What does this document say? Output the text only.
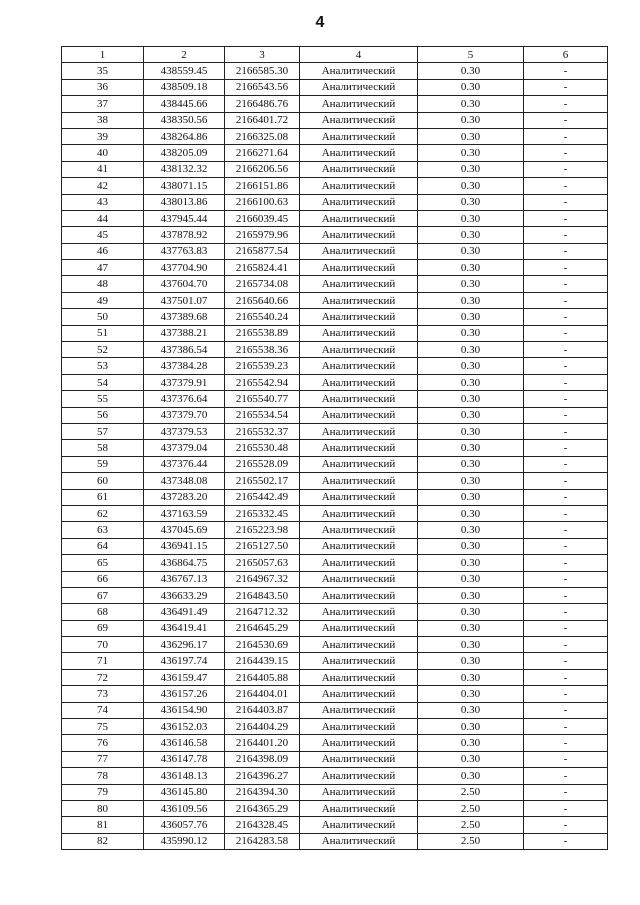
4
1	2	3	4	5	6
35	438559.45	2166585.30	Аналитический	0.30	-
36	438509.18	2166543.56	Аналитический	0.30	-
37	438445.66	2166486.76	Аналитический	0.30	-
38	438350.56	2166401.72	Аналитический	0.30	-
39	438264.86	2166325.08	Аналитический	0.30	-
40	438205.09	2166271.64	Аналитический	0.30	-
41	438132.32	2166206.56	Аналитический	0.30	-
42	438071.15	2166151.86	Аналитический	0.30	-
43	438013.86	2166100.63	Аналитический	0.30	-
44	437945.44	2166039.45	Аналитический	0.30	-
45	437878.92	2165979.96	Аналитический	0.30	-
46	437763.83	2165877.54	Аналитический	0.30	-
47	437704.90	2165824.41	Аналитический	0.30	-
48	437604.70	2165734.08	Аналитический	0.30	-
49	437501.07	2165640.66	Аналитический	0.30	-
50	437389.68	2165540.24	Аналитический	0.30	-
51	437388.21	2165538.89	Аналитический	0.30	-
52	437386.54	2165538.36	Аналитический	0.30	-
53	437384.28	2165539.23	Аналитический	0.30	-
54	437379.91	2165542.94	Аналитический	0.30	-
55	437376.64	2165540.77	Аналитический	0.30	-
56	437379.70	2165534.54	Аналитический	0.30	-
57	437379.53	2165532.37	Аналитический	0.30	-
58	437379.04	2165530.48	Аналитический	0.30	-
59	437376.44	2165528.09	Аналитический	0.30	-
60	437348.08	2165502.17	Аналитический	0.30	-
61	437283.20	2165442.49	Аналитический	0.30	-
62	437163.59	2165332.45	Аналитический	0.30	-
63	437045.69	2165223.98	Аналитический	0.30	-
64	436941.15	2165127.50	Аналитический	0.30	-
65	436864.75	2165057.63	Аналитический	0.30	-
66	436767.13	2164967.32	Аналитический	0.30	-
67	436633.29	2164843.50	Аналитический	0.30	-
68	436491.49	2164712.32	Аналитический	0.30	-
69	436419.41	2164645.29	Аналитический	0.30	-
70	436296.17	2164530.69	Аналитический	0.30	-
71	436197.74	2164439.15	Аналитический	0.30	-
72	436159.47	2164405.88	Аналитический	0.30	-
73	436157.26	2164404.01	Аналитический	0.30	-
74	436154.90	2164403.87	Аналитический	0.30	-
75	436152.03	2164404.29	Аналитический	0.30	-
76	436146.58	2164401.20	Аналитический	0.30	-
77	436147.78	2164398.09	Аналитический	0.30	-
78	436148.13	2164396.27	Аналитический	0.30	-
79	436145.80	2164394.30	Аналитический	2.50	-
80	436109.56	2164365.29	Аналитический	2.50	-
81	436057.76	2164328.45	Аналитический	2.50	-
82	435990.12	2164283.58	Аналитический	2.50	-
